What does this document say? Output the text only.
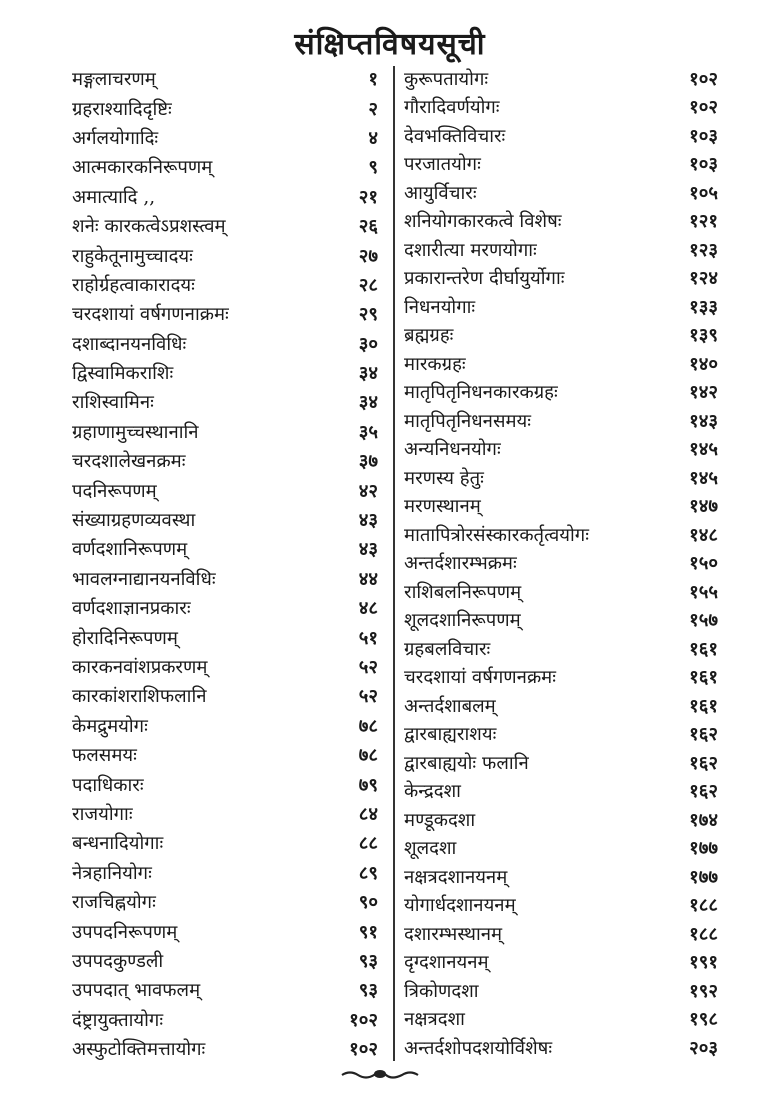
संक्षिप्तविषयसूची
मङ्गलाचरणम्	१
ग्रहराश्यादिदृष्टिः	२
अर्गलयोगादिः	४
आत्मकारकनिरूपणम्	९
अमात्यादि ,,	२१
शनेः कारकत्वेऽप्रशस्त्वम्	२६
राहुकेतूनामुच्चादयः	२७
राहोर्ग्रहत्वाकारादयः	२८
चरदशायां वर्षगणनाक्रमः	२९
दशाब्दानयनविधिः	३०
द्विस्वामिकराशिः	३४
राशिस्वामिनः	३४
ग्रहाणामुच्चस्थानानि	३५
चरदशालेखनक्रमः	३७
पदनिरूपणम्	४२
संख्याग्रहणव्यवस्था	४३
वर्णदशानिरूपणम्	४३
भावलग्नाद्यानयनविधिः	४४
वर्णदशाज्ञानप्रकारः	४८
होरादिनिरूपणम्	५१
कारकनवांशप्रकरणम्	५२
कारकांशराशिफलानि	५२
केमद्रुमयोगः	७८
फलसमयः	७८
पदाधिकारः	७९
राजयोगाः	८४
बन्धनादियोगाः	८८
नेत्रहानियोगः	८९
राजचिह्नयोगः	९०
उपपदनिरूपणम्	९१
उपपदकुण्डली	९३
उपपदात् भावफलम्	९३
दंष्ट्रायुक्तायोगः	१०२
अस्फुटोक्तिमत्तायोगः	१०२
कुरूपतायोगः	१०२
गौरादिवर्णयोगः	१०२
देवभक्तिविचारः	१०३
परजातयोगः	१०३
आयुर्विचारः	१०५
शनियोगकारकत्वे विशेषः	१२१
दशारीत्या मरणयोगाः	१२३
प्रकारान्तरेण दीर्घायुर्योगाः	१२४
निधनयोगाः	१३३
ब्रह्मग्रहः	१३९
मारकग्रहः	१४०
मातृपितृनिधनकारकग्रहः	१४२
मातृपितृनिधनसमयः	१४३
अन्यनिधनयोगः	१४५
मरणस्य हेतुः	१४५
मरणस्थानम्	१४७
मातापित्रोरसंस्कारकर्तृत्वयोगः	१४८
अन्तर्दशारम्भक्रमः	१५०
राशिबलनिरूपणम्	१५५
शूलदशानिरूपणम्	१५७
ग्रहबलविचारः	१६१
चरदशायां वर्षगणनक्रमः	१६१
अन्तर्दशाबलम्	१६१
द्वारबाह्यराशयः	१६२
द्वारबाह्ययोः फलानि	१६२
केन्द्रदशा	१६२
मण्डूकदशा	१७४
शूलदशा	१७७
नक्षत्रदशानयनम्	१७७
योगार्धदशानयनम्	१८८
दशारम्भस्थानम्	१८८
दृग्दशानयनम्	१९१
त्रिकोणदशा	१९२
नक्षत्रदशा	१९८
अन्तर्दशोपदशयोर्विशेषः	२०३
